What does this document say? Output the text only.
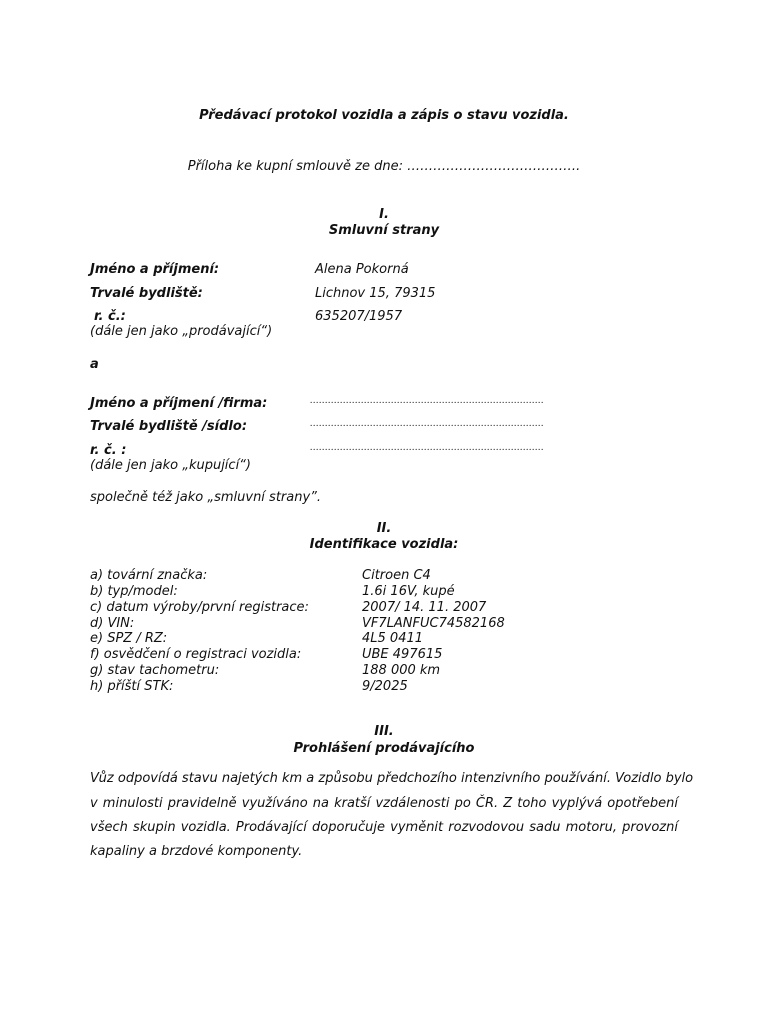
Předávací protokol vozidla a zápis o stavu vozidla.
Příloha ke kupní smlouvě ze dne: ………………………………….
I.
Smluvní strany
Jméno a příjmení:	Alena Pokorná
Trvalé bydliště:	Lichnov 15, 79315
r. č.:	635207/1957
(dále jen jako „prodávající“)
a
Jméno a příjmení /firma:	……………………………………………………………………
Trvalé bydliště /sídlo:	……………………………………………………………………
r. č. :	……………………………………………………………………
(dále jen jako „kupující“)
společně též jako „smluvní strany”.
II.
Identifikace vozidla:
a) tovární značka:	Citroen C4
b) typ/model:	1.6i 16V, kupé
c) datum výroby/první registrace:	2007/ 14. 11. 2007
d) VIN:	VF7LANFUC74582168
e) SPZ / RZ:	4L5 0411
f) osvědčení o registraci vozidla:	UBE 497615
g) stav tachometru:	188 000 km
h) příští STK:	9/2025
III.
Prohlášení prodávajícího
Vůz odpovídá stavu najetých km a způsobu předchozího intenzivního používání. Vozidlo bylo
v minulosti pravidelně využíváno na kratší vzdálenosti po ČR. Z toho vyplývá opotřebení
všech skupin vozidla. Prodávající doporučuje vyměnit rozvodovou sadu motoru, provozní
kapaliny a brzdové komponenty.
